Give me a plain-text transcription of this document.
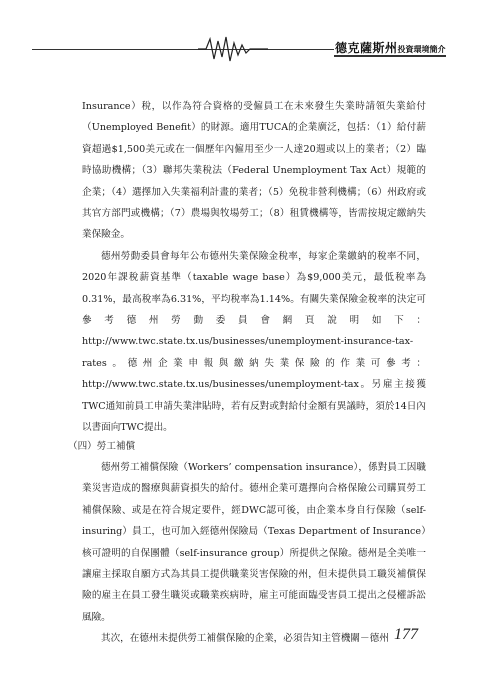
德克薩斯州投資環境簡介

Insurance）稅，以作為符合資格的受僱員工在未來發生失業時請領失業給付（Unemployed Benefit）的財源。適用TUCA的企業廣泛，包括：（1）給付薪資超過$1,500美元或在一個歷年內僱用至少一人達20週或以上的業者；（2）臨時協助機構；（3）聯邦失業稅法（Federal Unemployment Tax Act）規範的企業；（4）選擇加入失業福利計畫的業者；（5）免稅非營利機構；（6）州政府或其官方部門或機構；（7）農場與牧場勞工；（8）租賃機構等，皆需按規定繳納失業保險金。

德州勞動委員會每年公布德州失業保險金稅率，每家企業繳納的稅率不同，2020年課稅薪資基準（taxable wage base）為$9,000美元，最低稅率為0.31%，最高稅率為6.31%，平均稅率為1.14%。有關失業保險金稅率的決定可參考德州勞動委員會網頁說明如下：http://www.twc.state.tx.us/businesses/unemployment-insurance-tax-rates。德州企業申報與繳納失業保險的作業可參考：http://www.twc.state.tx.us/businesses/unemployment-tax。另雇主接獲TWC通知前員工申請失業津貼時，若有反對或對給付金額有異議時，須於14日內以書面向TWC提出。

（四）勞工補償

德州勞工補償保險（Workers’ compensation insurance），係對員工因職業災害造成的醫療與薪資損失的給付。德州企業可選擇向合格保險公司購買勞工補償保險、或是在符合規定要件，經DWC認可後，由企業本身自行保險（self-insuring）員工，也可加入經德州保險局（Texas Department of Insurance）核可證明的自保團體（self-insurance group）所提供之保險。德州是全美唯一讓雇主採取自願方式為其員工提供職業災害保險的州，但未提供員工職災補償保險的雇主在員工發生職災或職業疾病時，雇主可能面臨受害員工提出之侵權訴訟風險。

其次，在德州未提供勞工補償保險的企業，必須告知主管機關－德州 177
